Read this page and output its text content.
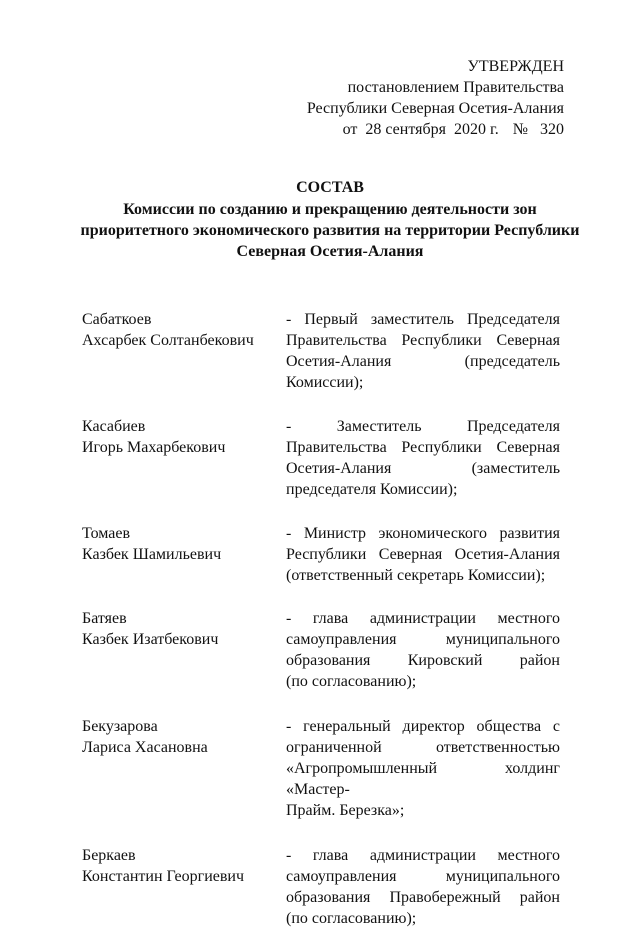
УТВЕРЖДЕН
постановлением Правительства
Республики Северная Осетия-Алания
от  28 сентября  2020 г. № 320
СОСТАВ
Комиссии по созданию и прекращению деятельности зон
приоритетного экономического развития на территории Республики
Северная Осетия-Алания
Сабаткоев
Ахсарбек Солтанбекович
- Первый заместитель Председателя
Правительства Республики Северная
Осетия-Алания (председатель Комиссии);
Касабиев
Игорь Махарбекович
- Заместитель Председателя
Правительства Республики Северная
Осетия-Алания (заместитель
председателя Комиссии);
Томаев
Казбек Шамильевич
- Министр экономического развития
Республики Северная Осетия-Алания
(ответственный секретарь Комиссии);
Батяев
Казбек Изатбекович
- глава администрации местного
самоуправления муниципального
образования Кировский район
(по согласованию);
Бекузарова
Лариса Хасановна
- генеральный директор общества с
ограниченной ответственностью
«Агропромышленный холдинг «Мастер-
Прайм. Березка»;
Беркаев
Константин Георгиевич
- глава администрации местного
самоуправления муниципального
образования Правобережный район
(по согласованию);
